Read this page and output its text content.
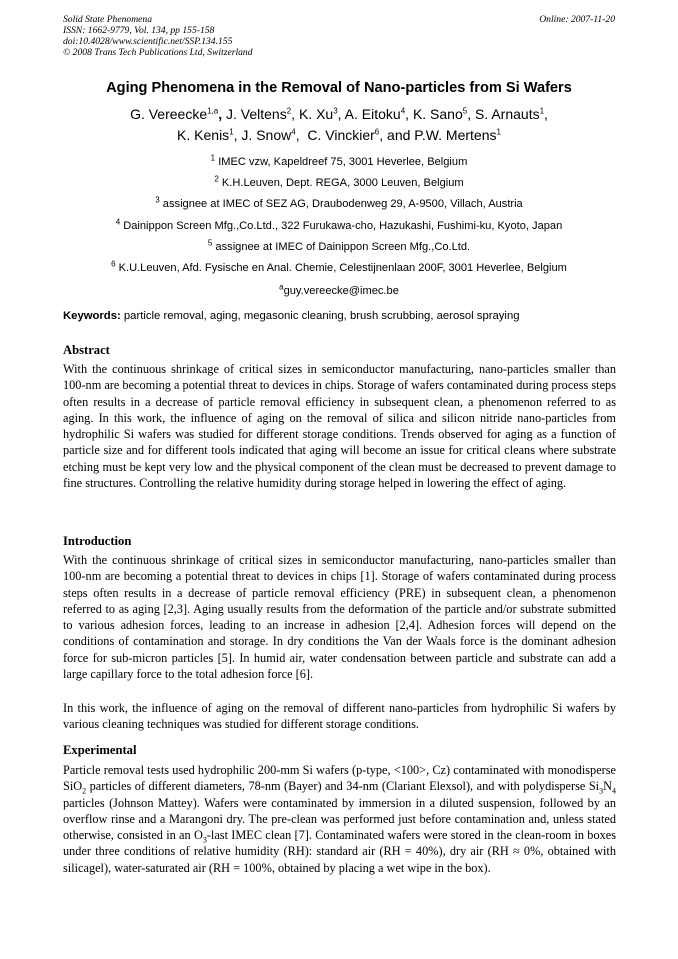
Solid State Phenomena
ISSN: 1662-9779, Vol. 134, pp 155-158
doi:10.4028/www.scientific.net/SSP.134.155
© 2008 Trans Tech Publications Ltd, Switzerland
Online: 2007-11-20
Aging Phenomena in the Removal of Nano-particles from Si Wafers
G. Vereecke$^{1,a}$, J. Veltens$^2$, K. Xu$^3$, A. Eitoku$^4$, K. Sano$^5$, S. Arnauts$^1$,
K. Kenis$^1$, J. Snow$^4$,  C. Vinckier$^6$, and P.W. Mertens$^1$
$^1$ IMEC vzw, Kapeldreef 75, 3001 Heverlee, Belgium
$^2$ K.H.Leuven, Dept. REGA, 3000 Leuven, Belgium
$^3$ assignee at IMEC of SEZ AG, Draubodenweg 29, A-9500, Villach, Austria
$^4$ Dainippon Screen Mfg.,Co.Ltd., 322 Furukawa-cho, Hazukashi, Fushimi-ku, Kyoto, Japan
$^5$ assignee at IMEC of Dainippon Screen Mfg.,Co.Ltd.
$^6$ K.U.Leuven, Afd. Fysische en Anal. Chemie, Celestijnenlaan 200F, 3001 Heverlee, Belgium
$^a$guy.vereecke@imec.be
Keywords: particle removal, aging, megasonic cleaning, brush scrubbing, aerosol spraying
Abstract
With the continuous shrinkage of critical sizes in semiconductor manufacturing, nano-particles smaller than 100-nm are becoming a potential threat to devices in chips. Storage of wafers contaminated during process steps often results in a decrease of particle removal efficiency in subsequent clean, a phenomenon referred to as aging. In this work, the influence of aging on the removal of silica and silicon nitride nano-particles from hydrophilic Si wafers was studied for different storage conditions. Trends observed for aging as a function of particle size and for different tools indicated that aging will become an issue for critical cleans where substrate etching must be kept very low and the physical component of the clean must be decreased to prevent damage to fine structures. Controlling the relative humidity during storage helped in lowering the effect of aging.
Introduction
With the continuous shrinkage of critical sizes in semiconductor manufacturing, nano-particles smaller than 100-nm are becoming a potential threat to devices in chips [1]. Storage of wafers contaminated during process steps often results in a decrease of particle removal efficiency (PRE) in subsequent clean, a phenomenon referred to as aging [2,3]. Aging usually results from the deformation of the particle and/or substrate submitted to various adhesion forces, leading to an increase in adhesion [2,4]. Adhesion forces will depend on the conditions of contamination and storage. In dry conditions the Van der Waals force is the dominant adhesion force for sub-micron particles [5]. In humid air, water condensation between particle and substrate can add a large capillary force to the total adhesion force [6].
In this work, the influence of aging on the removal of different nano-particles from hydrophilic Si wafers by various cleaning techniques was studied for different storage conditions.
Experimental
Particle removal tests used hydrophilic 200-mm Si wafers (p-type, <100>, Cz) contaminated with monodisperse SiO$_2$ particles of different diameters, 78-nm (Bayer) and 34-nm (Clariant Elexsol), and with polydisperse $Si_3N_4$ particles (Johnson Mattey). Wafers were contaminated by immersion in a diluted suspension, followed by an overflow rinse and a Marangoni dry. The pre-clean was performed just before contamination and, unless stated otherwise, consisted in an $O_3$-last IMEC clean [7]. Contaminated wafers were stored in the clean-room in boxes under three conditions of relative humidity (RH): standard air (RH = 40%), dry air (RH ≈ 0%, obtained with silicagel), water-saturated air (RH = 100%, obtained by placing a wet wipe in the box).
